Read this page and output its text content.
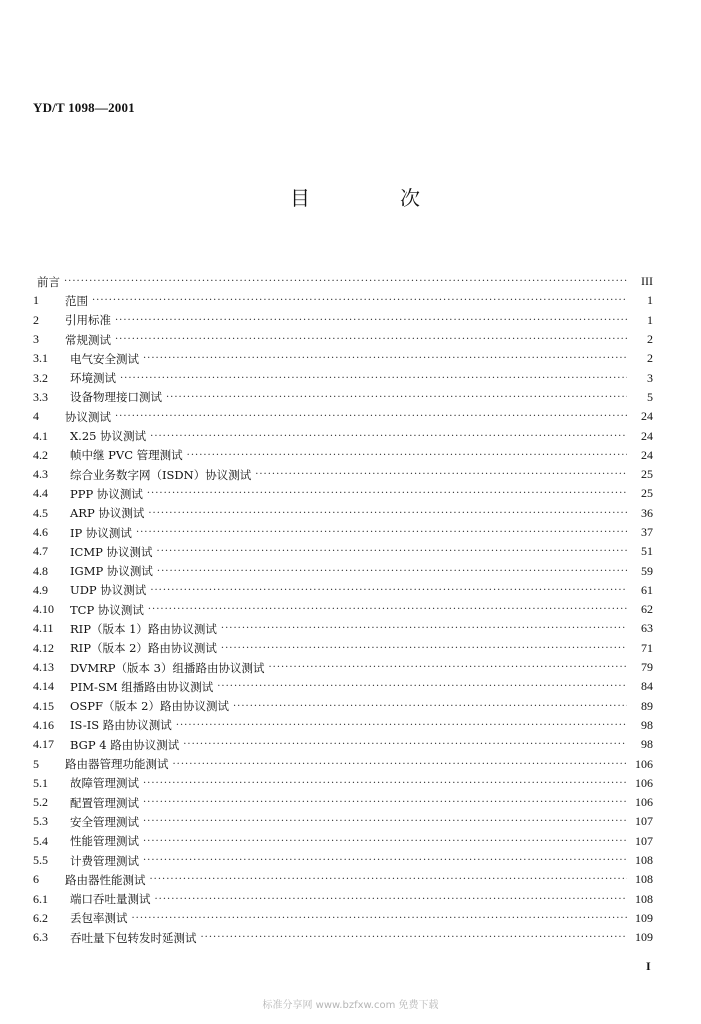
YD/T 1098—2001
目	次
前言 ·····	III
1	范围 ·····	1
2	引用标准 ·····	1
3	常规测试 ·····	2
3.1	电气安全测试 ·····	2
3.2	环境测试 ·····	3
3.3	设备物理接口测试 ·····	5
4	协议测试 ·····	24
4.1	X.25 协议测试 ·····	24
4.2	帧中继 PVC 管理测试 ·····	24
4.3	综合业务数字网（ISDN）协议测试 ·····	25
4.4	PPP 协议测试 ·····	25
4.5	ARP 协议测试 ·····	36
4.6	IP 协议测试 ·····	37
4.7	ICMP 协议测试 ·····	51
4.8	IGMP 协议测试 ·····	59
4.9	UDP 协议测试 ·····	61
4.10	TCP 协议测试 ·····	62
4.11	RIP（版本 1）路由协议测试 ·····	63
4.12	RIP（版本 2）路由协议测试 ·····	71
4.13	DVMRP（版本 3）组播路由协议测试 ·····	79
4.14	PIM-SM 组播路由协议测试 ·····	84
4.15	OSPF（版本 2）路由协议测试 ·····	89
4.16	IS-IS 路由协议测试 ·····	98
4.17	BGP 4 路由协议测试 ·····	98
5	路由器管理功能测试 ·····	106
5.1	故障管理测试 ·····	106
5.2	配置管理测试 ·····	106
5.3	安全管理测试 ·····	107
5.4	性能管理测试 ·····	107
5.5	计费管理测试 ·····	108
6	路由器性能测试 ·····	108
6.1	端口吞吐量测试 ·····	108
6.2	丢包率测试 ·····	109
6.3	吞吐量下包转发时延测试 ·····	109
I
标准分享网 www.bzfxw.com 免费下载
